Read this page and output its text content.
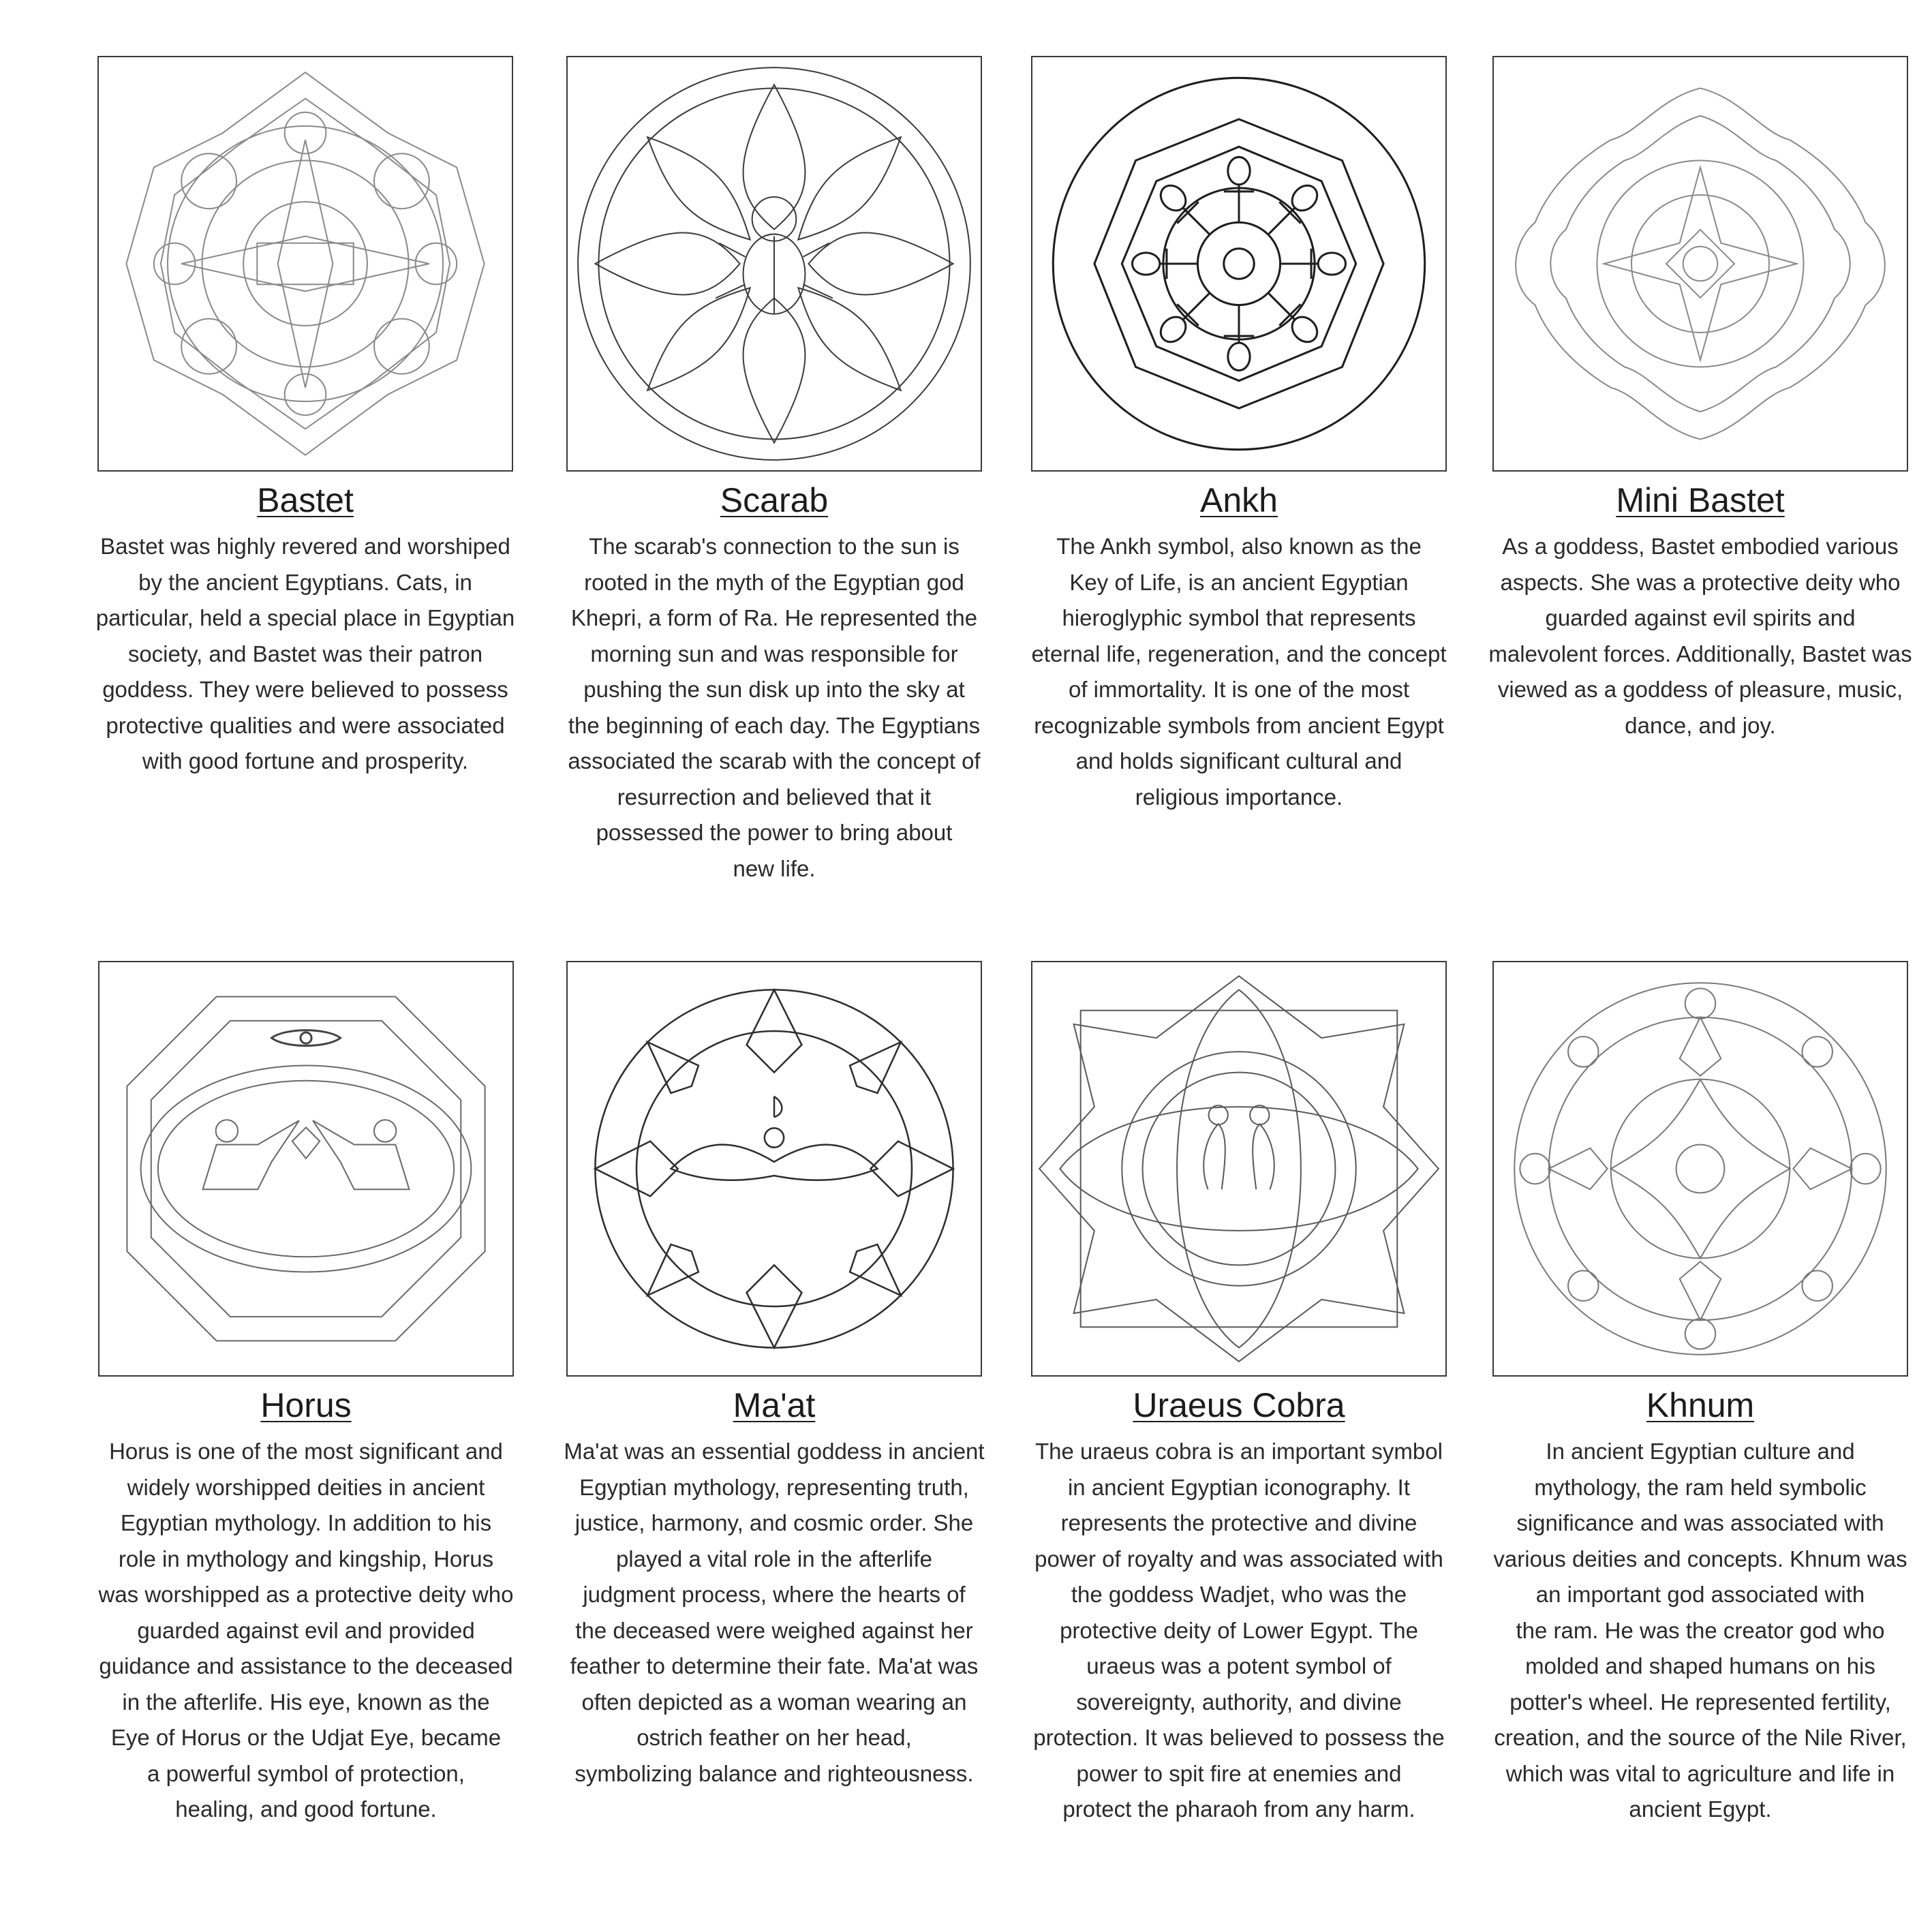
Bastet
Bastet was highly revered and worshiped
by the ancient Egyptians. Cats, in
particular, held a special place in Egyptian
society, and Bastet was their patron
goddess. They were believed to possess
protective qualities and were associated
with good fortune and prosperity.
Scarab
The scarab's connection to the sun is
rooted in the myth of the Egyptian god
Khepri, a form of Ra. He represented the
morning sun and was responsible for
pushing the sun disk up into the sky at
the beginning of each day. The Egyptians
associated the scarab with the concept of
resurrection and believed that it
possessed the power to bring about
new life.
Ankh
The Ankh symbol, also known as the
Key of Life, is an ancient Egyptian
hieroglyphic symbol that represents
eternal life, regeneration, and the concept
of immortality. It is one of the most
recognizable symbols from ancient Egypt
and holds significant cultural and
religious importance.
Mini Bastet
As a goddess, Bastet embodied various
aspects. She was a protective deity who
guarded against evil spirits and
malevolent forces. Additionally, Bastet was
viewed as a goddess of pleasure, music,
dance, and joy.
Horus
Horus is one of the most significant and
widely worshipped deities in ancient
Egyptian mythology. In addition to his
role in mythology and kingship, Horus
was worshipped as a protective deity who
guarded against evil and provided
guidance and assistance to the deceased
in the afterlife. His eye, known as the
Eye of Horus or the Udjat Eye, became
a powerful symbol of protection,
healing, and good fortune.
Ma'at
Ma'at was an essential goddess in ancient
Egyptian mythology, representing truth,
justice, harmony, and cosmic order. She
played a vital role in the afterlife
judgment process, where the hearts of
the deceased were weighed against her
feather to determine their fate. Ma'at was
often depicted as a woman wearing an
ostrich feather on her head,
symbolizing balance and righteousness.
Uraeus Cobra
The uraeus cobra is an important symbol
in ancient Egyptian iconography. It
represents the protective and divine
power of royalty and was associated with
the goddess Wadjet, who was the
protective deity of Lower Egypt. The
uraeus was a potent symbol of
sovereignty, authority, and divine
protection. It was believed to possess the
power to spit fire at enemies and
protect the pharaoh from any harm.
Khnum
In ancient Egyptian culture and
mythology, the ram held symbolic
significance and was associated with
various deities and concepts. Khnum was
an important god associated with
the ram. He was the creator god who
molded and shaped humans on his
potter's wheel. He represented fertility,
creation, and the source of the Nile River,
which was vital to agriculture and life in
ancient Egypt.
